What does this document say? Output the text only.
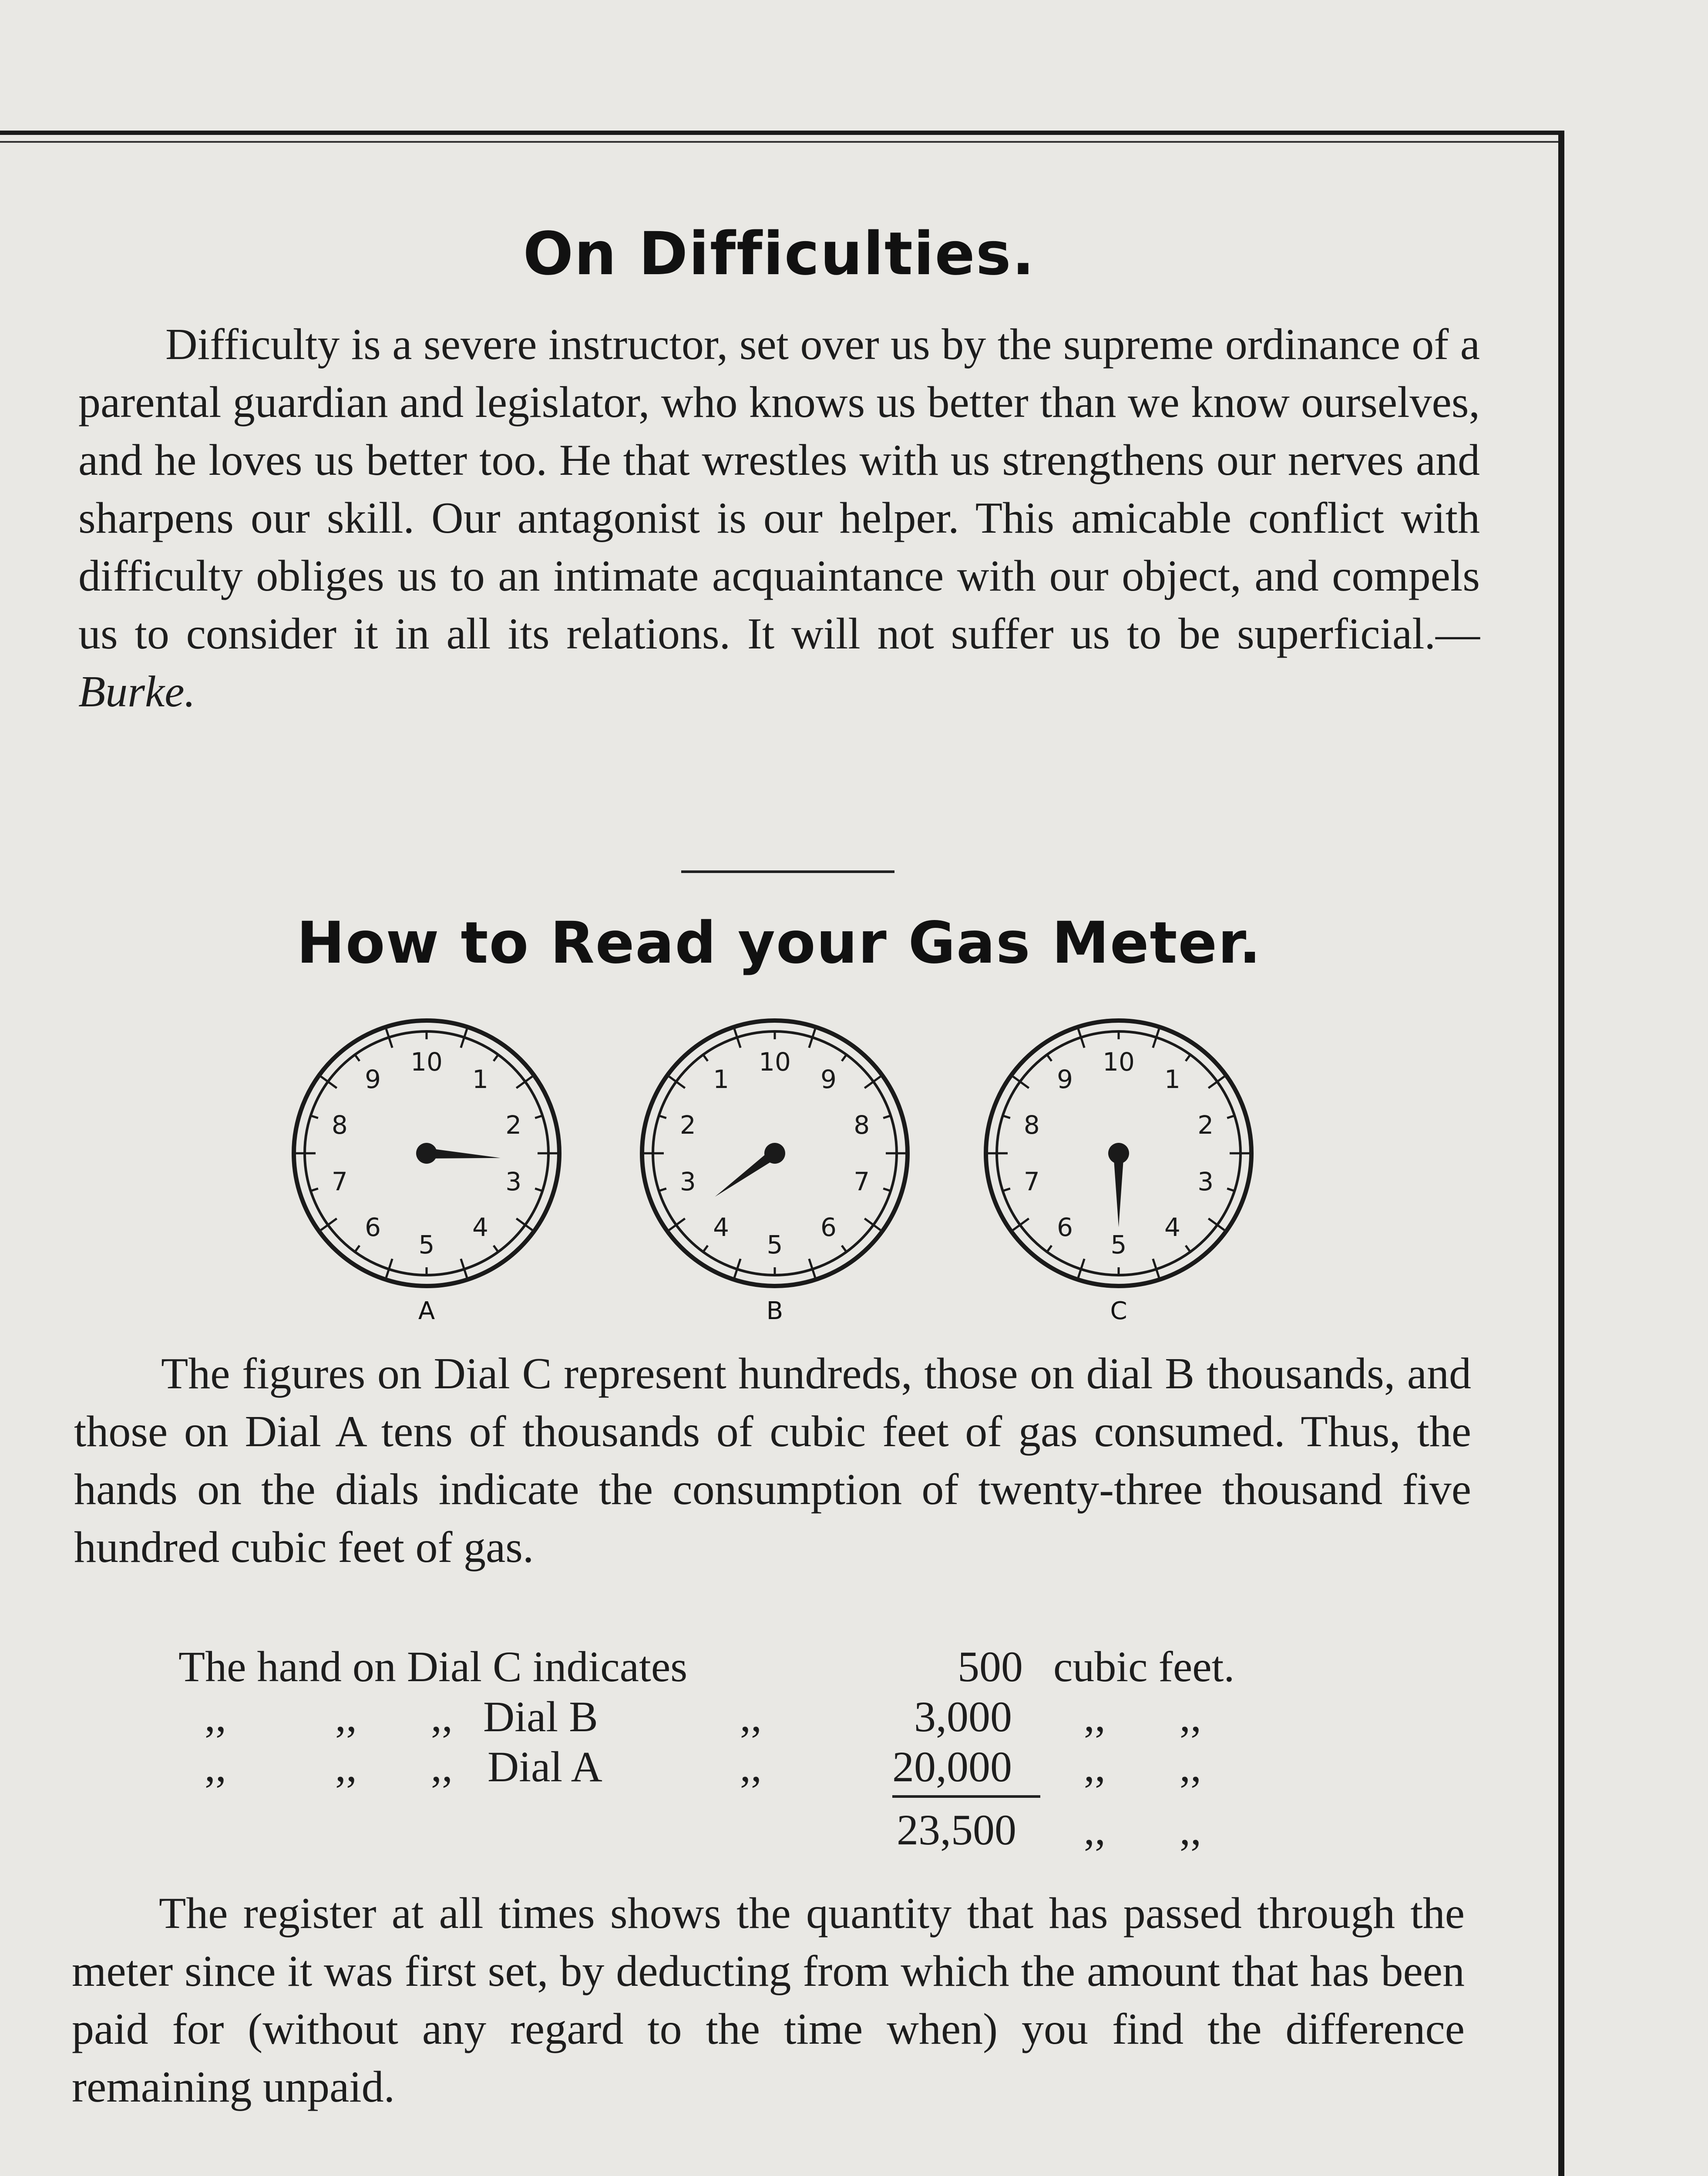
On Difficulties.

Difficulty is a severe instructor, set over us by the supreme ordinance of a parental guardian and legislator, who knows us better than we know ourselves, and he loves us better too. He that wrestles with us strengthens our nerves and sharpens our skill. Our antagonist is our helper. This amicable conflict with difficulty obliges us to an intimate acquaintance with our object, and compels us to consider it in all its relations. It will not suffer us to be superficial.—Burke.

How to Read your Gas Meter.
10
1
2
3
4
5
6
7
8
9
A
10
9
8
7
6
5
4
3
2
1
B
10
1
2
3
4
5
6
7
8
9
C

The figures on Dial C represent hundreds, those on dial B thousands, and those on Dial A tens of thousands of cubic feet of gas consumed. Thus, the hands on the dials indicate the consumption of twenty-three thousand five hundred cubic feet of gas.

The hand on Dial C indicates	500 cubic feet.
,,	,, ,, Dial B	,,	3,000 ,, ,,
,,	,, ,, Dial A	,,	20,000 ,, ,,
23,500 ,, ,,

The register at all times shows the quantity that has passed through the meter since it was first set, by deducting from which the amount that has been paid for (without any regard to the time when) you find the difference remaining unpaid.
